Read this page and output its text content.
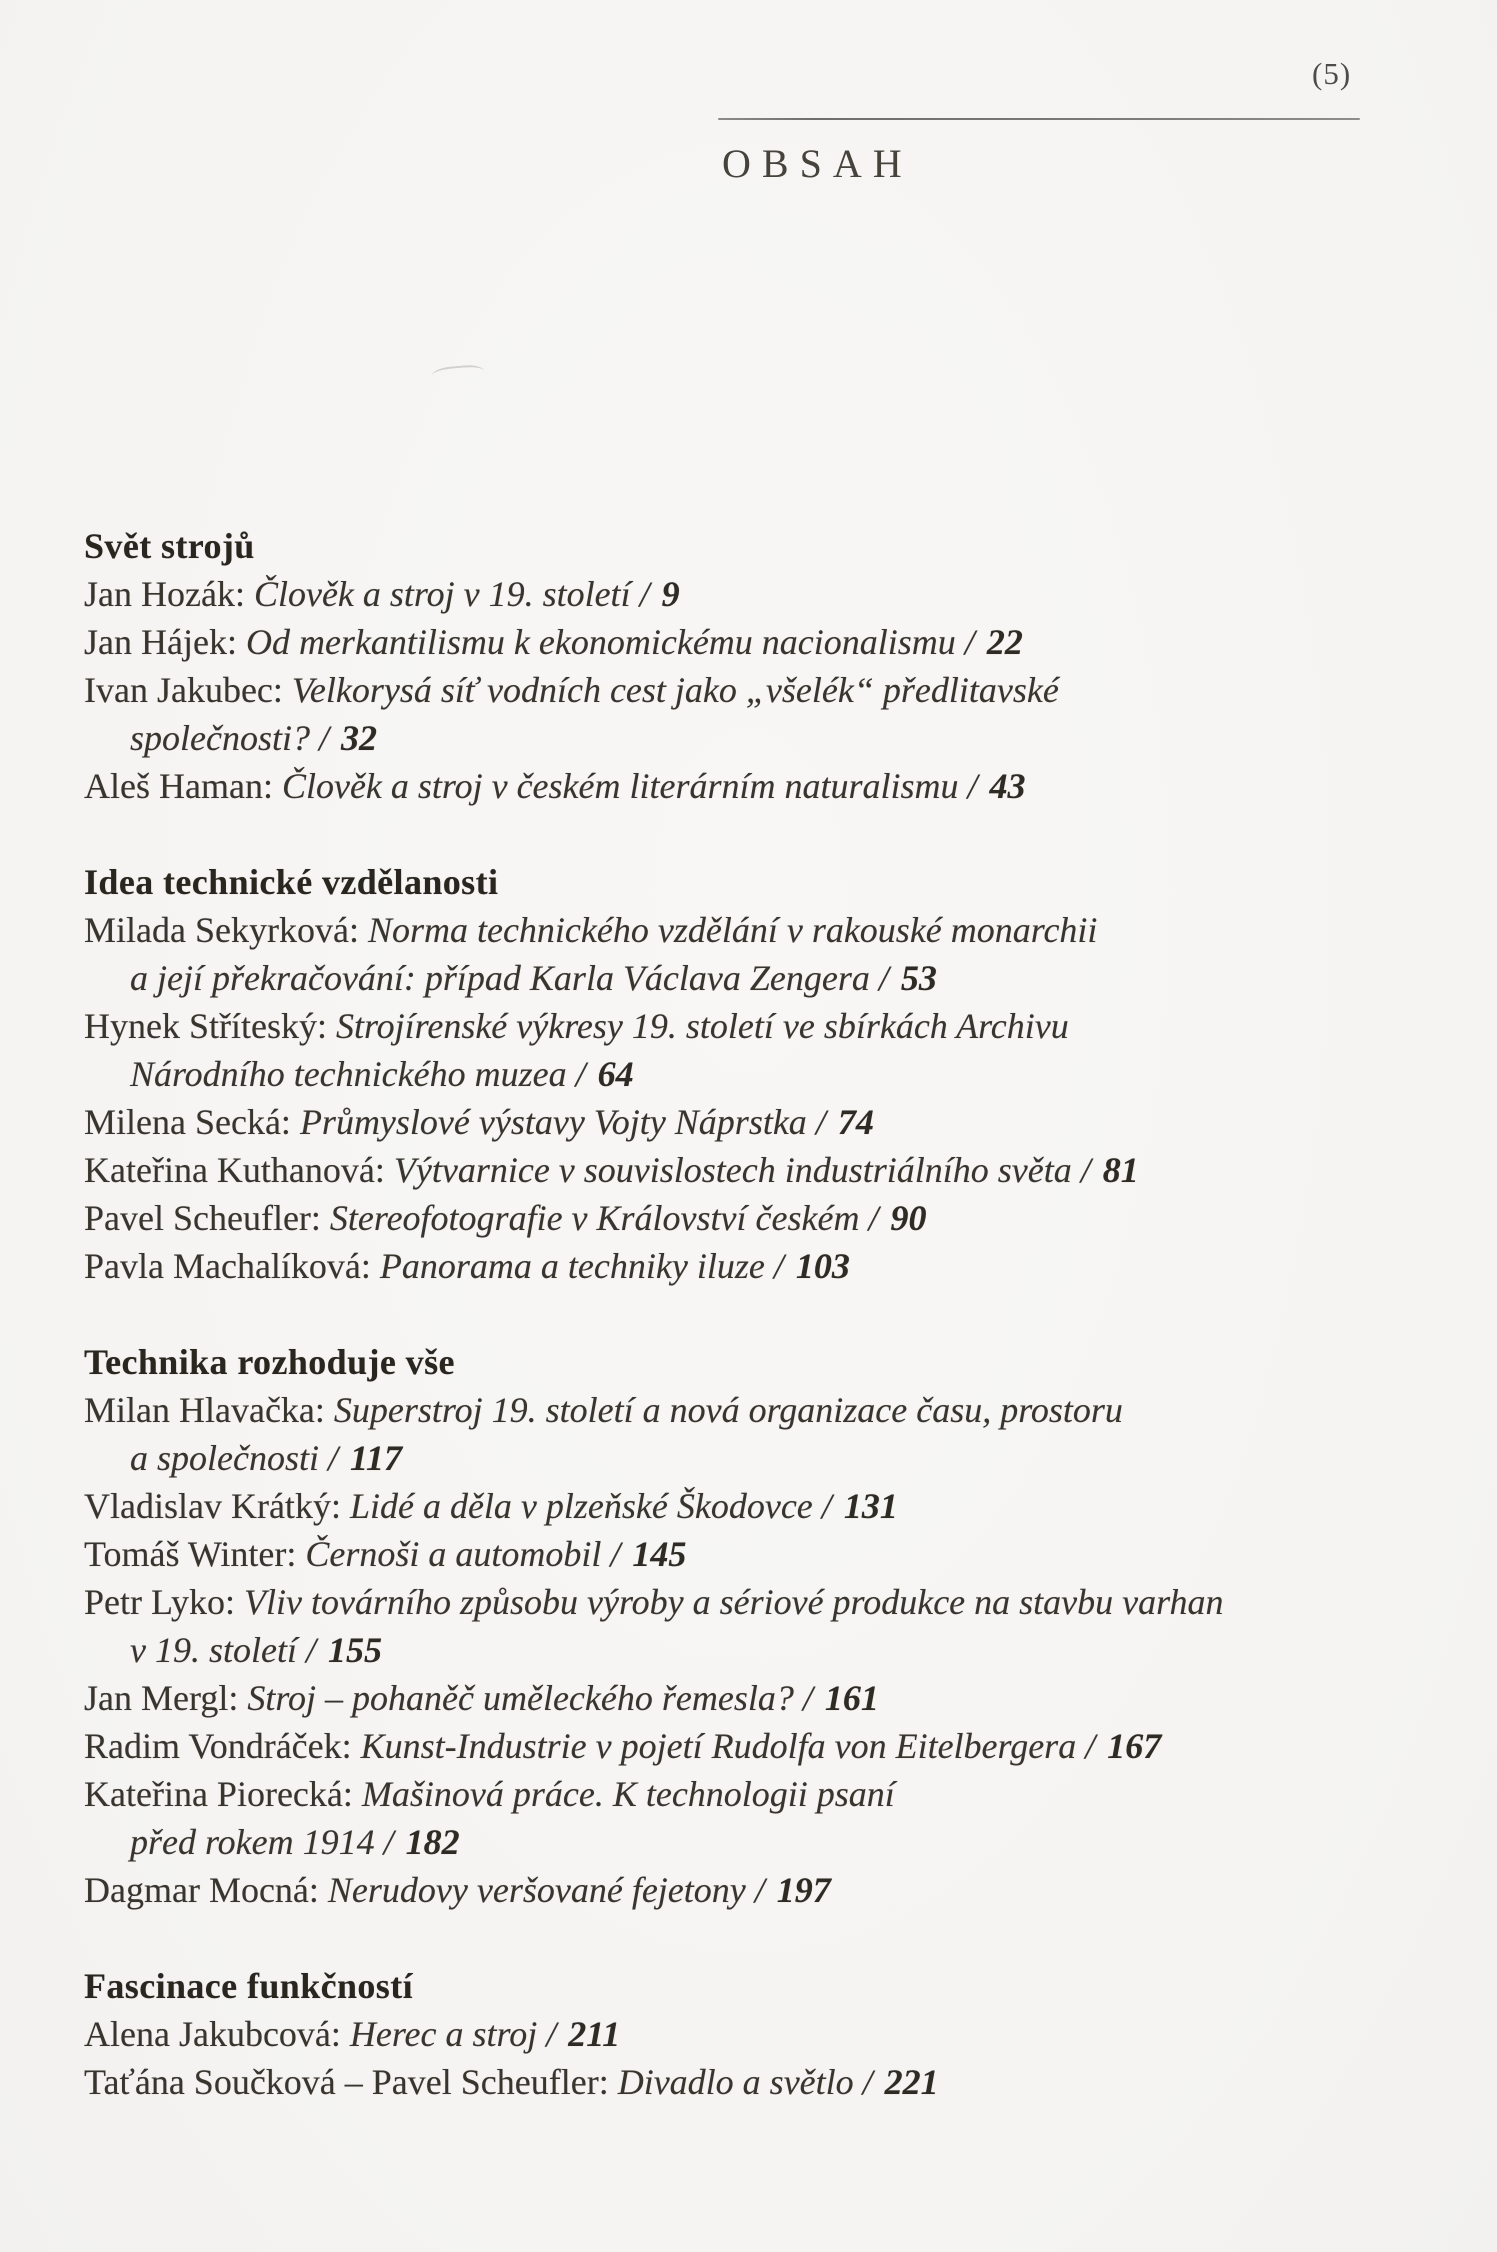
(5)
OBSAH
Svět strojů
Jan Hozák: Člověk a stroj v 19. století / 9
Jan Hájek: Od merkantilismu k ekonomickému nacionalismu / 22
Ivan Jakubec: Velkorysá síť vodních cest jako „všelék“ předlitavské
společnosti? / 32
Aleš Haman: Člověk a stroj v českém literárním naturalismu / 43
Idea technické vzdělanosti
Milada Sekyrková: Norma technického vzdělání v rakouské monarchii
a její překračování: případ Karla Václava Zengera / 53
Hynek Stříteský: Strojírenské výkresy 19. století ve sbírkách Archivu
Národního technického muzea / 64
Milena Secká: Průmyslové výstavy Vojty Náprstka / 74
Kateřina Kuthanová: Výtvarnice v souvislostech industriálního světa / 81
Pavel Scheufler: Stereofotografie v Království českém / 90
Pavla Machalíková: Panorama a techniky iluze / 103
Technika rozhoduje vše
Milan Hlavačka: Superstroj 19. století a nová organizace času, prostoru
a společnosti / 117
Vladislav Krátký: Lidé a děla v plzeňské Škodovce / 131
Tomáš Winter: Černoši a automobil / 145
Petr Lyko: Vliv továrního způsobu výroby a sériové produkce na stavbu varhan
v 19. století / 155
Jan Mergl: Stroj – pohaněč uměleckého řemesla? / 161
Radim Vondráček: Kunst-Industrie v pojetí Rudolfa von Eitelbergera / 167
Kateřina Piorecká: Mašinová práce. K technologii psaní
před rokem 1914 / 182
Dagmar Mocná: Nerudovy veršované fejetony / 197
Fascinace funkčností
Alena Jakubcová: Herec a stroj / 211
Taťána Součková – Pavel Scheufler: Divadlo a světlo / 221
